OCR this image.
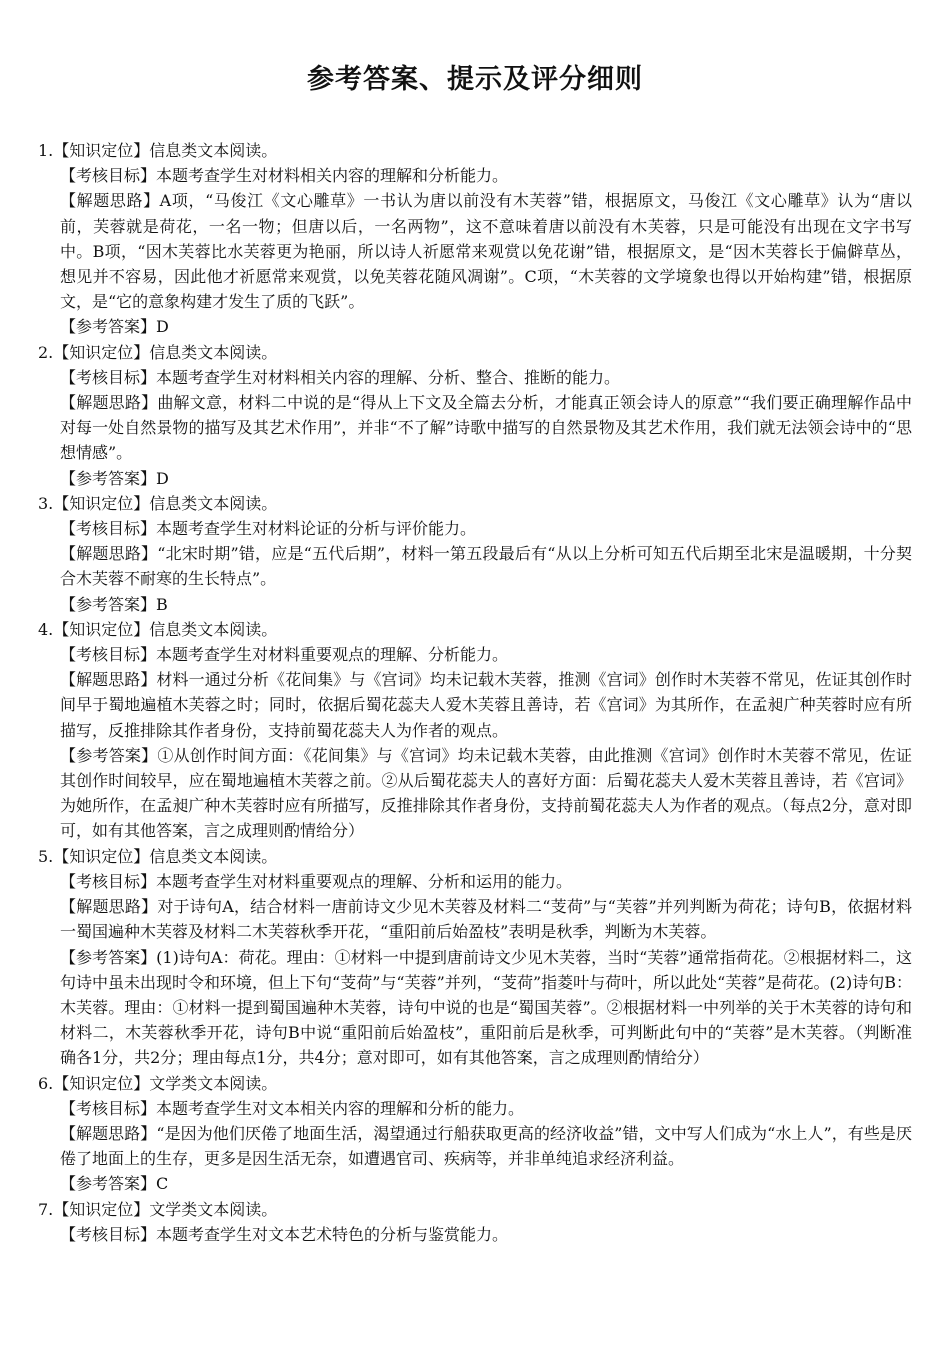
参考答案、提示及评分细则
1.【知识定位】信息类文本阅读。
【考核目标】本题考查学生对材料相关内容的理解和分析能力。
【解题思路】A项，“马俊江《文心雕草》一书认为唐以前没有木芙蓉”错，根据原文，马俊江《文心雕草》认为“唐以前，芙蓉就是荷花，一名一物；但唐以后，一名两物”，这不意味着唐以前没有木芙蓉，只是可能没有出现在文字书写中。B项，“因木芙蓉比水芙蓉更为艳丽，所以诗人祈愿常来观赏以免花谢”错，根据原文，是“因木芙蓉长于偏僻草丛，想见并不容易，因此他才祈愿常来观赏，以免芙蓉花随风凋谢”。C项，“木芙蓉的文学境象也得以开始构建”错，根据原文，是“它的意象构建才发生了质的飞跃”。
【参考答案】D
2.【知识定位】信息类文本阅读。
【考核目标】本题考查学生对材料相关内容的理解、分析、整合、推断的能力。
【解题思路】曲解文意，材料二中说的是“得从上下文及全篇去分析，才能真正领会诗人的原意”“我们要正确理解作品中对每一处自然景物的描写及其艺术作用”，并非“不了解”诗歌中描写的自然景物及其艺术作用，我们就无法领会诗中的“思想情感”。
【参考答案】D
3.【知识定位】信息类文本阅读。
【考核目标】本题考查学生对材料论证的分析与评价能力。
【解题思路】“北宋时期”错，应是“五代后期”，材料一第五段最后有“从以上分析可知五代后期至北宋是温暖期，十分契合木芙蓉不耐寒的生长特点”。
【参考答案】B
4.【知识定位】信息类文本阅读。
【考核目标】本题考查学生对材料重要观点的理解、分析能力。
【解题思路】材料一通过分析《花间集》与《宫词》均未记载木芙蓉，推测《宫词》创作时木芙蓉不常见，佐证其创作时间早于蜀地遍植木芙蓉之时；同时，依据后蜀花蕊夫人爱木芙蓉且善诗，若《宫词》为其所作，在孟昶广种芙蓉时应有所描写，反推排除其作者身份，支持前蜀花蕊夫人为作者的观点。
【参考答案】①从创作时间方面：《花间集》与《宫词》均未记载木芙蓉，由此推测《宫词》创作时木芙蓉不常见，佐证其创作时间较早，应在蜀地遍植木芙蓉之前。②从后蜀花蕊夫人的喜好方面：后蜀花蕊夫人爱木芙蓉且善诗，若《宫词》为她所作，在孟昶广种木芙蓉时应有所描写，反推排除其作者身份，支持前蜀花蕊夫人为作者的观点。（每点2分，意对即可，如有其他答案，言之成理则酌情给分）
5.【知识定位】信息类文本阅读。
【考核目标】本题考查学生对材料重要观点的理解、分析和运用的能力。
【解题思路】对于诗句A，结合材料一唐前诗文少见木芙蓉及材料二“芰荷”与“芙蓉”并列判断为荷花；诗句B，依据材料一蜀国遍种木芙蓉及材料二木芙蓉秋季开花，“重阳前后始盈枝”表明是秋季，判断为木芙蓉。
【参考答案】(1)诗句A：荷花。理由：①材料一中提到唐前诗文少见木芙蓉，当时“芙蓉”通常指荷花。②根据材料二，这句诗中虽未出现时令和环境，但上下句“芰荷”与“芙蓉”并列，“芰荷”指菱叶与荷叶，所以此处“芙蓉”是荷花。(2)诗句B：木芙蓉。理由：①材料一提到蜀国遍种木芙蓉，诗句中说的也是“蜀国芙蓉”。②根据材料一中列举的关于木芙蓉的诗句和材料二，木芙蓉秋季开花，诗句B中说“重阳前后始盈枝”，重阳前后是秋季，可判断此句中的“芙蓉”是木芙蓉。（判断准确各1分，共2分；理由每点1分，共4分；意对即可，如有其他答案，言之成理则酌情给分）
6.【知识定位】文学类文本阅读。
【考核目标】本题考查学生对文本相关内容的理解和分析的能力。
【解题思路】“是因为他们厌倦了地面生活，渴望通过行船获取更高的经济收益”错，文中写人们成为“水上人”，有些是厌倦了地面上的生存，更多是因生活无奈，如遭遇官司、疾病等，并非单纯追求经济利益。
【参考答案】C
7.【知识定位】文学类文本阅读。
【考核目标】本题考查学生对文本艺术特色的分析与鉴赏能力。
